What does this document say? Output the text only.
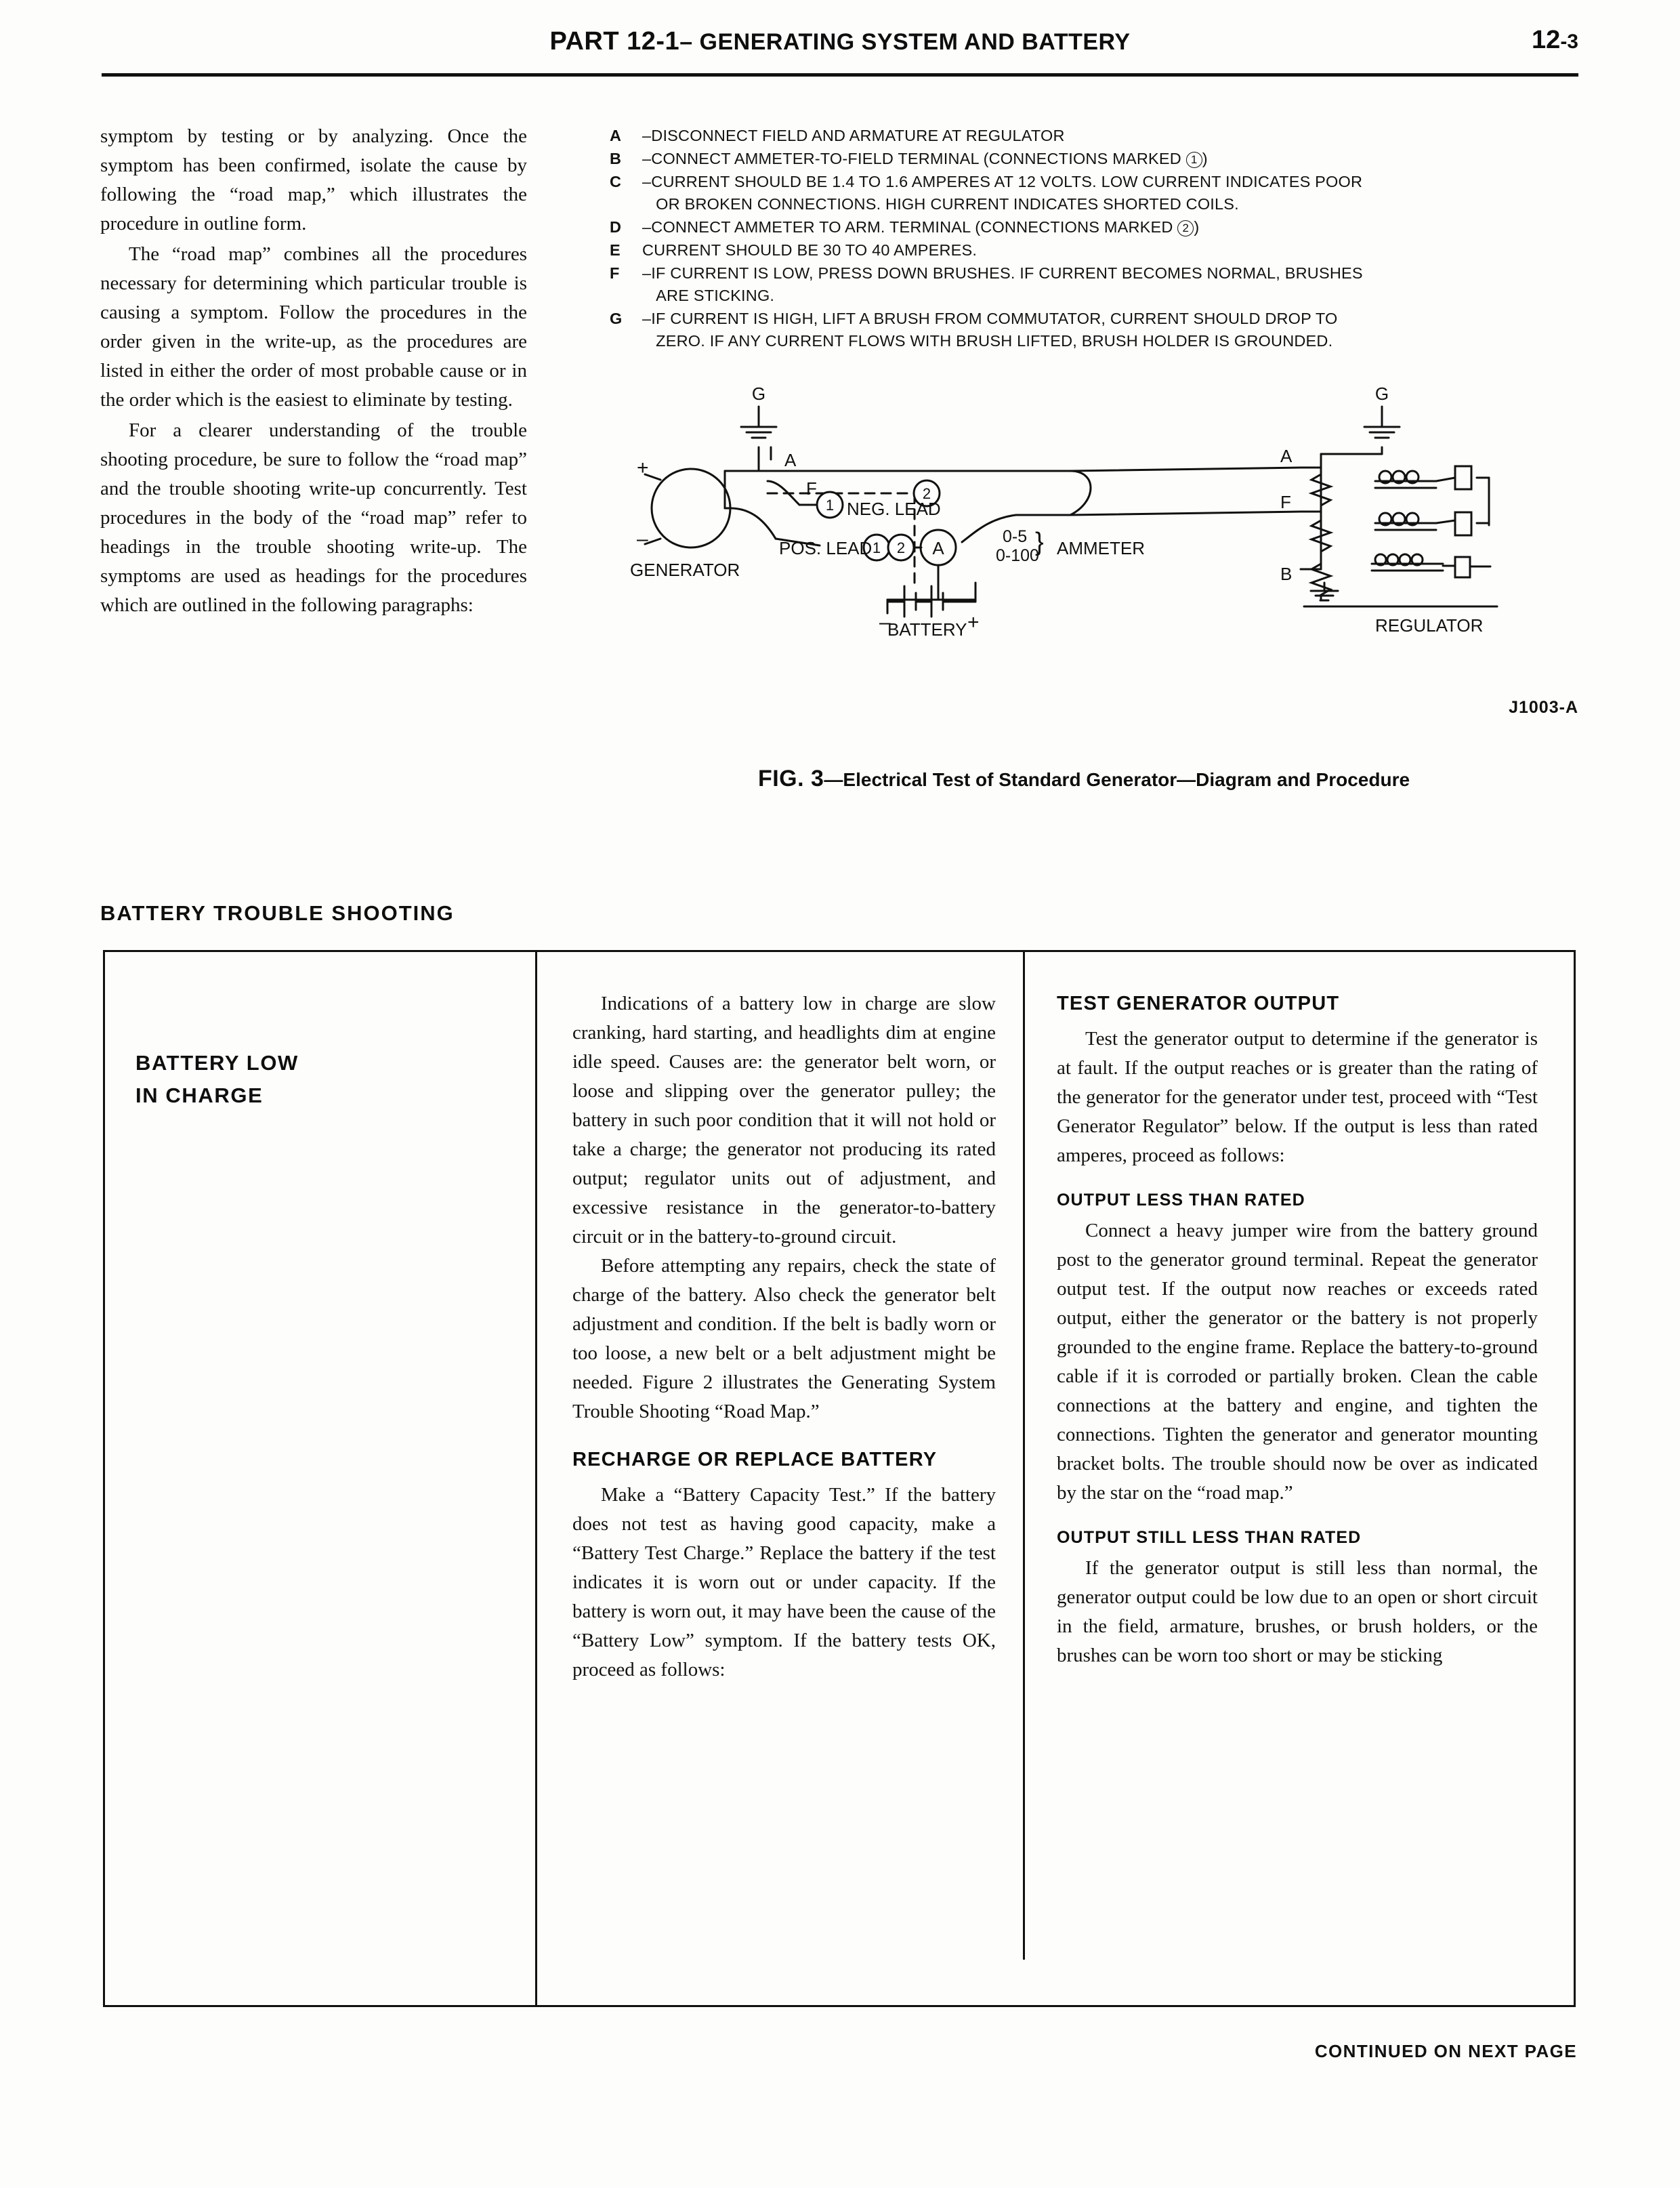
PART 12-1– GENERATING SYSTEM AND BATTERY	12-3

symptom by testing or by analyzing. Once the symptom has been confirmed, isolate the cause by following the “road map,” which illustrates the procedure in outline form.

The “road map” combines all the procedures necessary for determining which particular trouble is causing a symptom. Follow the procedures in the order given in the write-up, as the procedures are listed in either the order of most probable cause or in the order which is the easiest to eliminate by testing.

For a clearer understanding of the trouble shooting procedure, be sure to follow the “road map” and the trouble shooting write-up concurrently. Test procedures in the body of the “road map” refer to headings in the trouble shooting write-up. The symptoms are used as headings for the procedures which are outlined in the following paragraphs:

A –DISCONNECT FIELD AND ARMATURE AT REGULATOR
B –CONNECT AMMETER-TO-FIELD TERMINAL (CONNECTIONS MARKED 1 )
C –CURRENT SHOULD BE 1.4 TO 1.6 AMPERES AT 12 VOLTS. LOW CURRENT INDICATES POOR
OR BROKEN CONNECTIONS. HIGH CURRENT INDICATES SHORTED COILS.
D –CONNECT AMMETER TO ARM. TERMINAL (CONNECTIONS MARKED 2 )
E CURRENT SHOULD BE 30 TO 40 AMPERES.
F –IF CURRENT IS LOW, PRESS DOWN BRUSHES. IF CURRENT BECOMES NORMAL, BRUSHES
ARE STICKING.
G –IF CURRENT IS HIGH, LIFT A BRUSH FROM COMMUTATOR, CURRENT SHOULD DROP TO
ZERO. IF ANY CURRENT FLOWS WITH BRUSH LIFTED, BRUSH HOLDER IS GROUNDED.
1
2
1 2 A
G	G
A	A
F
F
B
NEG. LEAD
POS. LEAD
GENERATOR
REGULATOR
BATTERY
0-5
0-100 AMMETER
+
–
–	+
}
J1003-A
FIG. 3—Electrical Test of Standard Generator—Diagram and Procedure
BATTERY TROUBLE SHOOTING
BATTERY LOW
IN CHARGE

Indications of a battery low in charge are slow cranking, hard starting, and headlights dim at engine idle speed. Causes are: the generator belt worn, or loose and slipping over the generator pulley; the battery in such poor condition that it will not hold or take a charge; the generator not producing its rated output; regulator units out of adjustment, and excessive resistance in the generator-to-battery circuit or in the battery-to-ground circuit.

Before attempting any repairs, check the state of charge of the battery. Also check the generator belt adjustment and condition. If the belt is badly worn or too loose, a new belt or a belt adjustment might be needed. Figure 2 illustrates the Generating System Trouble Shooting “Road Map.”

RECHARGE OR REPLACE BATTERY

Make a “Battery Capacity Test.” If the battery does not test as having good capacity, make a “Battery Test Charge.” Replace the battery if the test indicates it is worn out or under capacity. If the battery is worn out, it may have been the cause of the “Battery Low” symptom. If the battery tests OK, proceed as follows:

TEST GENERATOR OUTPUT

Test the generator output to determine if the generator is at fault. If the output reaches or is greater than the rating of the generator for the generator under test, proceed with “Test Generator Regulator” below. If the output is less than rated amperes, proceed as follows:

OUTPUT LESS THAN RATED

Connect a heavy jumper wire from the battery ground post to the generator ground terminal. Repeat the generator output test. If the output now reaches or exceeds rated output, either the generator or the battery is not properly grounded to the engine frame. Replace the battery-to-ground cable if it is corroded or partially broken. Clean the cable connections at the battery and engine, and tighten the connections. Tighten the generator and generator mounting bracket bolts. The trouble should now be over as indicated by the star on the “road map.”

OUTPUT STILL LESS THAN RATED

If the generator output is still less than normal, the generator output could be low due to an open or short circuit in the field, armature, brushes, or brush holders, or the brushes can be worn too short or may be sticking

CONTINUED ON NEXT PAGE
